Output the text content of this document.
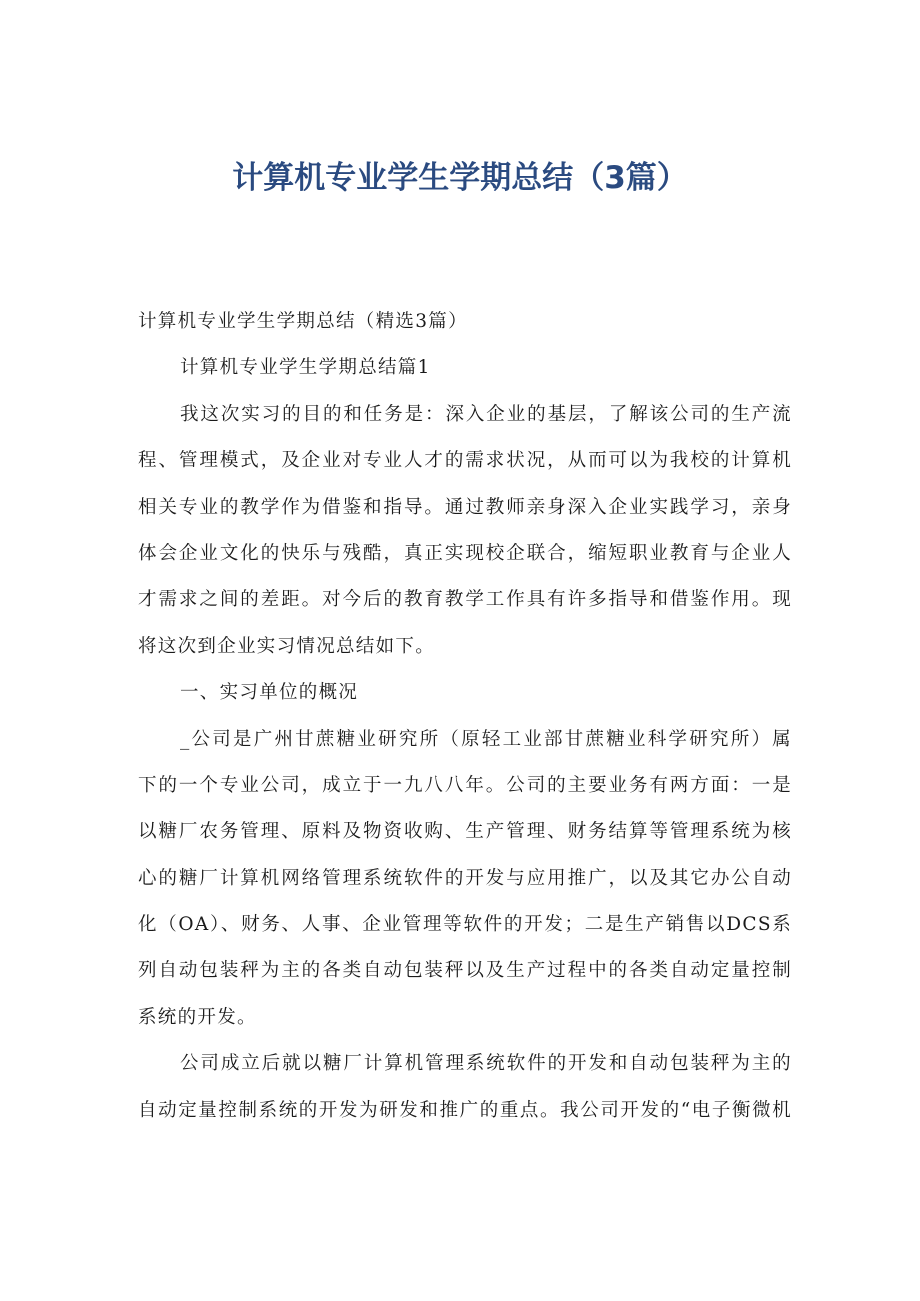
计算机专业学生学期总结（3篇）
计算机专业学生学期总结（精选3篇）
计算机专业学生学期总结篇1
我这次实习的目的和任务是：深入企业的基层，了解该公司的生产流
程、管理模式，及企业对专业人才的需求状况，从而可以为我校的计算机
相关专业的教学作为借鉴和指导。通过教师亲身深入企业实践学习，亲身
体会企业文化的快乐与残酷，真正实现校企联合，缩短职业教育与企业人
才需求之间的差距。对今后的教育教学工作具有许多指导和借鉴作用。现
将这次到企业实习情况总结如下。
一、实习单位的概况
_公司是广州甘蔗糖业研究所（原轻工业部甘蔗糖业科学研究所）属
下的一个专业公司，成立于一九八八年。公司的主要业务有两方面：一是
以糖厂农务管理、原料及物资收购、生产管理、财务结算等管理系统为核
心的糖厂计算机网络管理系统软件的开发与应用推广，以及其它办公自动
化（OA）、财务、人事、企业管理等软件的开发；二是生产销售以DCS系
列自动包装秤为主的各类自动包装秤以及生产过程中的各类自动定量控制
系统的开发。
公司成立后就以糖厂计算机管理系统软件的开发和自动包装秤为主的
自动定量控制系统的开发为研发和推广的重点。我公司开发的“电子衡微机
